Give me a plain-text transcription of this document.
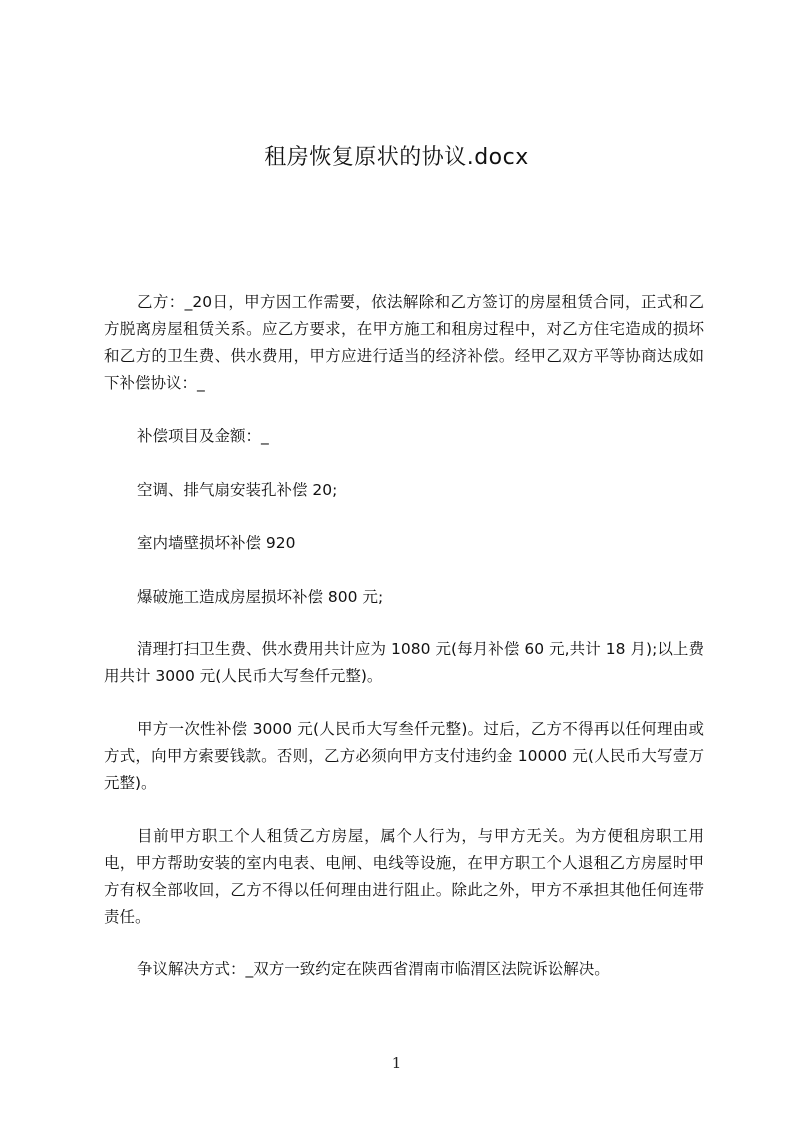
租房恢复原状的协议.docx
乙方：_20日，甲方因工作需要，依法解除和乙方签订的房屋租赁合同，正式和乙方脱离房屋租赁关系。应乙方要求，在甲方施工和租房过程中，对乙方住宅造成的损坏和乙方的卫生费、供水费用，甲方应进行适当的经济补偿。经甲乙双方平等协商达成如下补偿协议：_
补偿项目及金额：_
空调、排气扇安装孔补偿 20;
室内墙壁损坏补偿 920
爆破施工造成房屋损坏补偿 800 元;
清理打扫卫生费、供水费用共计应为 1080 元(每月补偿 60 元,共计 18 月);以上费用共计 3000 元(人民币大写叁仟元整)。
甲方一次性补偿 3000 元(人民币大写叁仟元整)。过后，乙方不得再以任何理由或方式，向甲方索要钱款。否则，乙方必须向甲方支付违约金 10000 元(人民币大写壹万元整)。
目前甲方职工个人租赁乙方房屋，属个人行为，与甲方无关。为方便租房职工用电，甲方帮助安装的室内电表、电闸、电线等设施，在甲方职工个人退租乙方房屋时甲方有权全部收回，乙方不得以任何理由进行阻止。除此之外，甲方不承担其他任何连带责任。
争议解决方式：_双方一致约定在陕西省渭南市临渭区法院诉讼解决。
1
